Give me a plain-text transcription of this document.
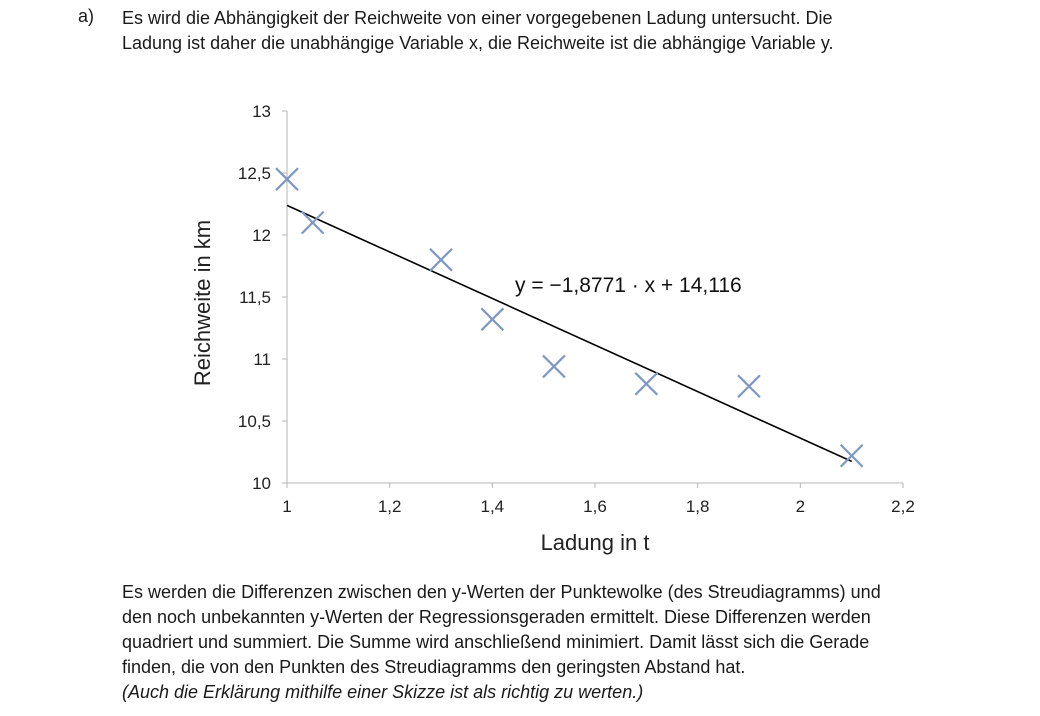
a) Es wird die Abhängigkeit der Reichweite von einer vorgegebenen Ladung untersucht. Die

Ladung ist daher die unabhängige Variable x, die Reichweite ist die abhängige Variable y.

1	1,2	1,4	1,6	1,8	2	2,2
10
10,5
11
11,5
12
12,5
13
y = −1,8771 · x + 14,116
Ladung in t
Reichweite in km

Es werden die Differenzen zwischen den y-Werten der Punktewolke (des Streudiagramms) und

den noch unbekannten y-Werten der Regressionsgeraden ermittelt. Diese Differenzen werden

quadriert und summiert. Die Summe wird anschließend minimiert. Damit lässt sich die Gerade

finden, die von den Punkten des Streudiagramms den geringsten Abstand hat.

(Auch die Erklärung mithilfe einer Skizze ist als richtig zu werten.)
